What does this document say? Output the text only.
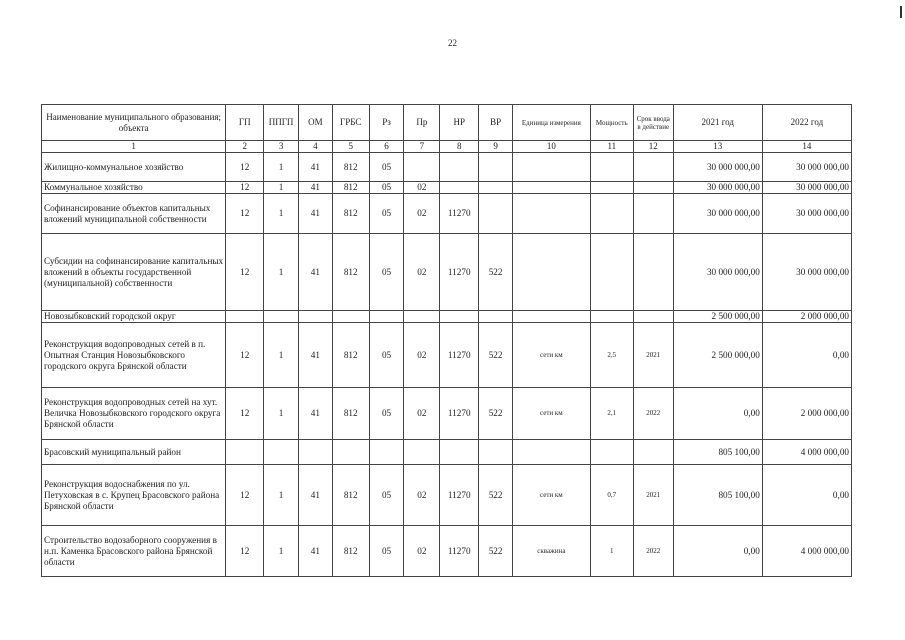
22
Наименование муниципального образования; объекта	ГП	ППГП	ОМ	ГРБС	Рз	Пр	НР	ВР	Единица измерения	Мощность	Срок ввода в действие	2021 год	2022 год
1	2	3	4	5	6	7	8	9	10	11	12	13	14
Жилищно-коммунальное хозяйство	12	1	41	812	05							30 000 000,00	30 000 000,00
Коммунальное хозяйство	12	1	41	812	05	02						30 000 000,00	30 000 000,00
Софинансирование объектов капитальных вложений муниципальной собственности	12	1	41	812	05	02	11270					30 000 000,00	30 000 000,00
Субсидии на софинансирование капитальных вложений в объекты государственной (муниципальной) собственности	12	1	41	812	05	02	11270	522				30 000 000,00	30 000 000,00
Новозыбковский городской округ												2 500 000,00	2 000 000,00
Реконструкция водопроводных сетей в п. Опытная Станция Новозыбковского городского округа Брянской области	12	1	41	812	05	02	11270	522	сети км	2,5	2021	2 500 000,00	0,00
Реконструкция водопроводных сетей на хут. Величка Новозыбковского городского округа Брянской области	12	1	41	812	05	02	11270	522	сети км	2,1	2022	0,00	2 000 000,00
Брасовский муниципальный район												805 100,00	4 000 000,00
Реконструкция водоснабжения по ул. Петуховская в с. Крупец Брасовского района Брянской области	12	1	41	812	05	02	11270	522	сети км	0,7	2021	805 100,00	0,00
Строительство водозаборного сооружения в н.п. Каменка Брасовского района Брянской области	12	1	41	812	05	02	11270	522	скважина	1	2022	0,00	4 000 000,00
